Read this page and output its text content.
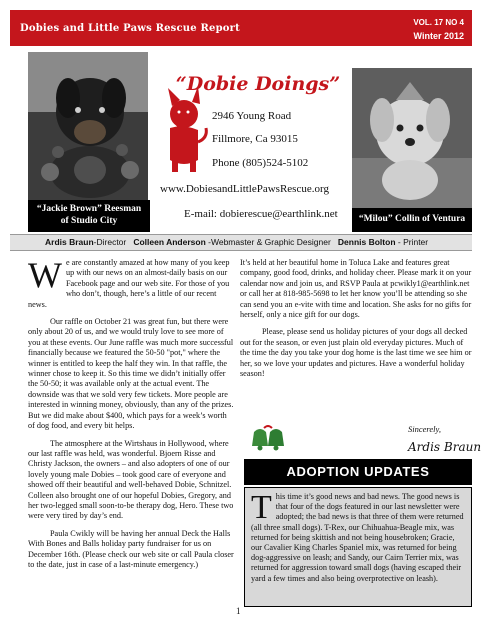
Dobies and Little Paws Rescue Report
VOL. 17 NO 4
Winter 2012
“Jackie Brown” Reesman
of Studio City
“Dobie Doings”
2946 Young Road
Fillmore, Ca 93015
Phone (805)524-5102
www.DobiesandLittlePawsRescue.org
E-mail: dobierescue@earthlink.net	“Milou” Collin of Ventura
Ardis Braun-Director Colleen Anderson -Webmaster & Graphic Designer Dennis Bolton - Printer

We are constantly amazed at how many of you keep up with our news on an almost-daily basis on our Facebook page and our web site. For those of you who don’t, though, here’s a little of our recent news.

Our raffle on October 21 was great fun, but there were only about 20 of us, and we would truly love to see more of you at these events. Our June raffle was much more successful financially because we featured the 50-50 "pot," where the winner is entitled to keep the half they win. In that raffle, the winner chose to keep it. So this time we didn’t initially offer the 50-50; it was available only at the actual event. The downside was that we sold very few tickets. More people are interested in winning money, obviously, than any of the prizes. But we did make about $400, which pays for a week’s worth of dog food, and every bit helps.

The atmosphere at the Wirtshaus in Hollywood, where our last raffle was held, was wonderful. Bjoern Risse and Christy Jackson, the owners – and also adopters of one of our lovely young male Dobies – took good care of everyone and showed off their beautiful and well-behaved Dobie, Schnitzel. Colleen also brought one of our hopeful Dobies, Gregory, and her two-legged small soon-to-be therapy dog, Hero. These two were very tired by day’s end.

Paula Cwikly will be having her annual Deck the Halls With Bones and Balls holiday party fundraiser for us on December 16th. (Please check our web site or call Paula closer to the date, just in case of a last-minute emergency.)

It’s held at her beautiful home in Toluca Lake and features great company, good food, drinks, and holiday cheer. Please mark it on your calendar now and join us, and RSVP Paula at pcwikly1@earthlink.net or call her at 818-985-5698 to let her know you’ll be attending so she can send you an e-vite with time and location. She asks for no gifts for herself, only a nice gift for our dogs.

Please, please send us holiday pictures of your dogs all decked out for the season, or even just plain old everyday pictures. Much of the time the day you take your dog home is the last time we see him or her, so we love your updates and pictures. Have a wonderful holiday season!

Sincerely,
Ardis Braun
ADOPTION UPDATES
This time it’s good news and bad news. The good news is that four of the dogs featured in our last newsletter were adopted; the bad news is that three of them were returned (all three small dogs). T-Rex, our Chihuahua-Beagle mix, was returned for being skittish and not being housebroken; Gracie, our Cavalier King Charles Spaniel mix, was returned for being dog-aggressive on leash; and Sandy, our Cairn Terrier mix, was returned for aggression toward small dogs (having escaped their yard a few times and also being overprotective on leash).
1
